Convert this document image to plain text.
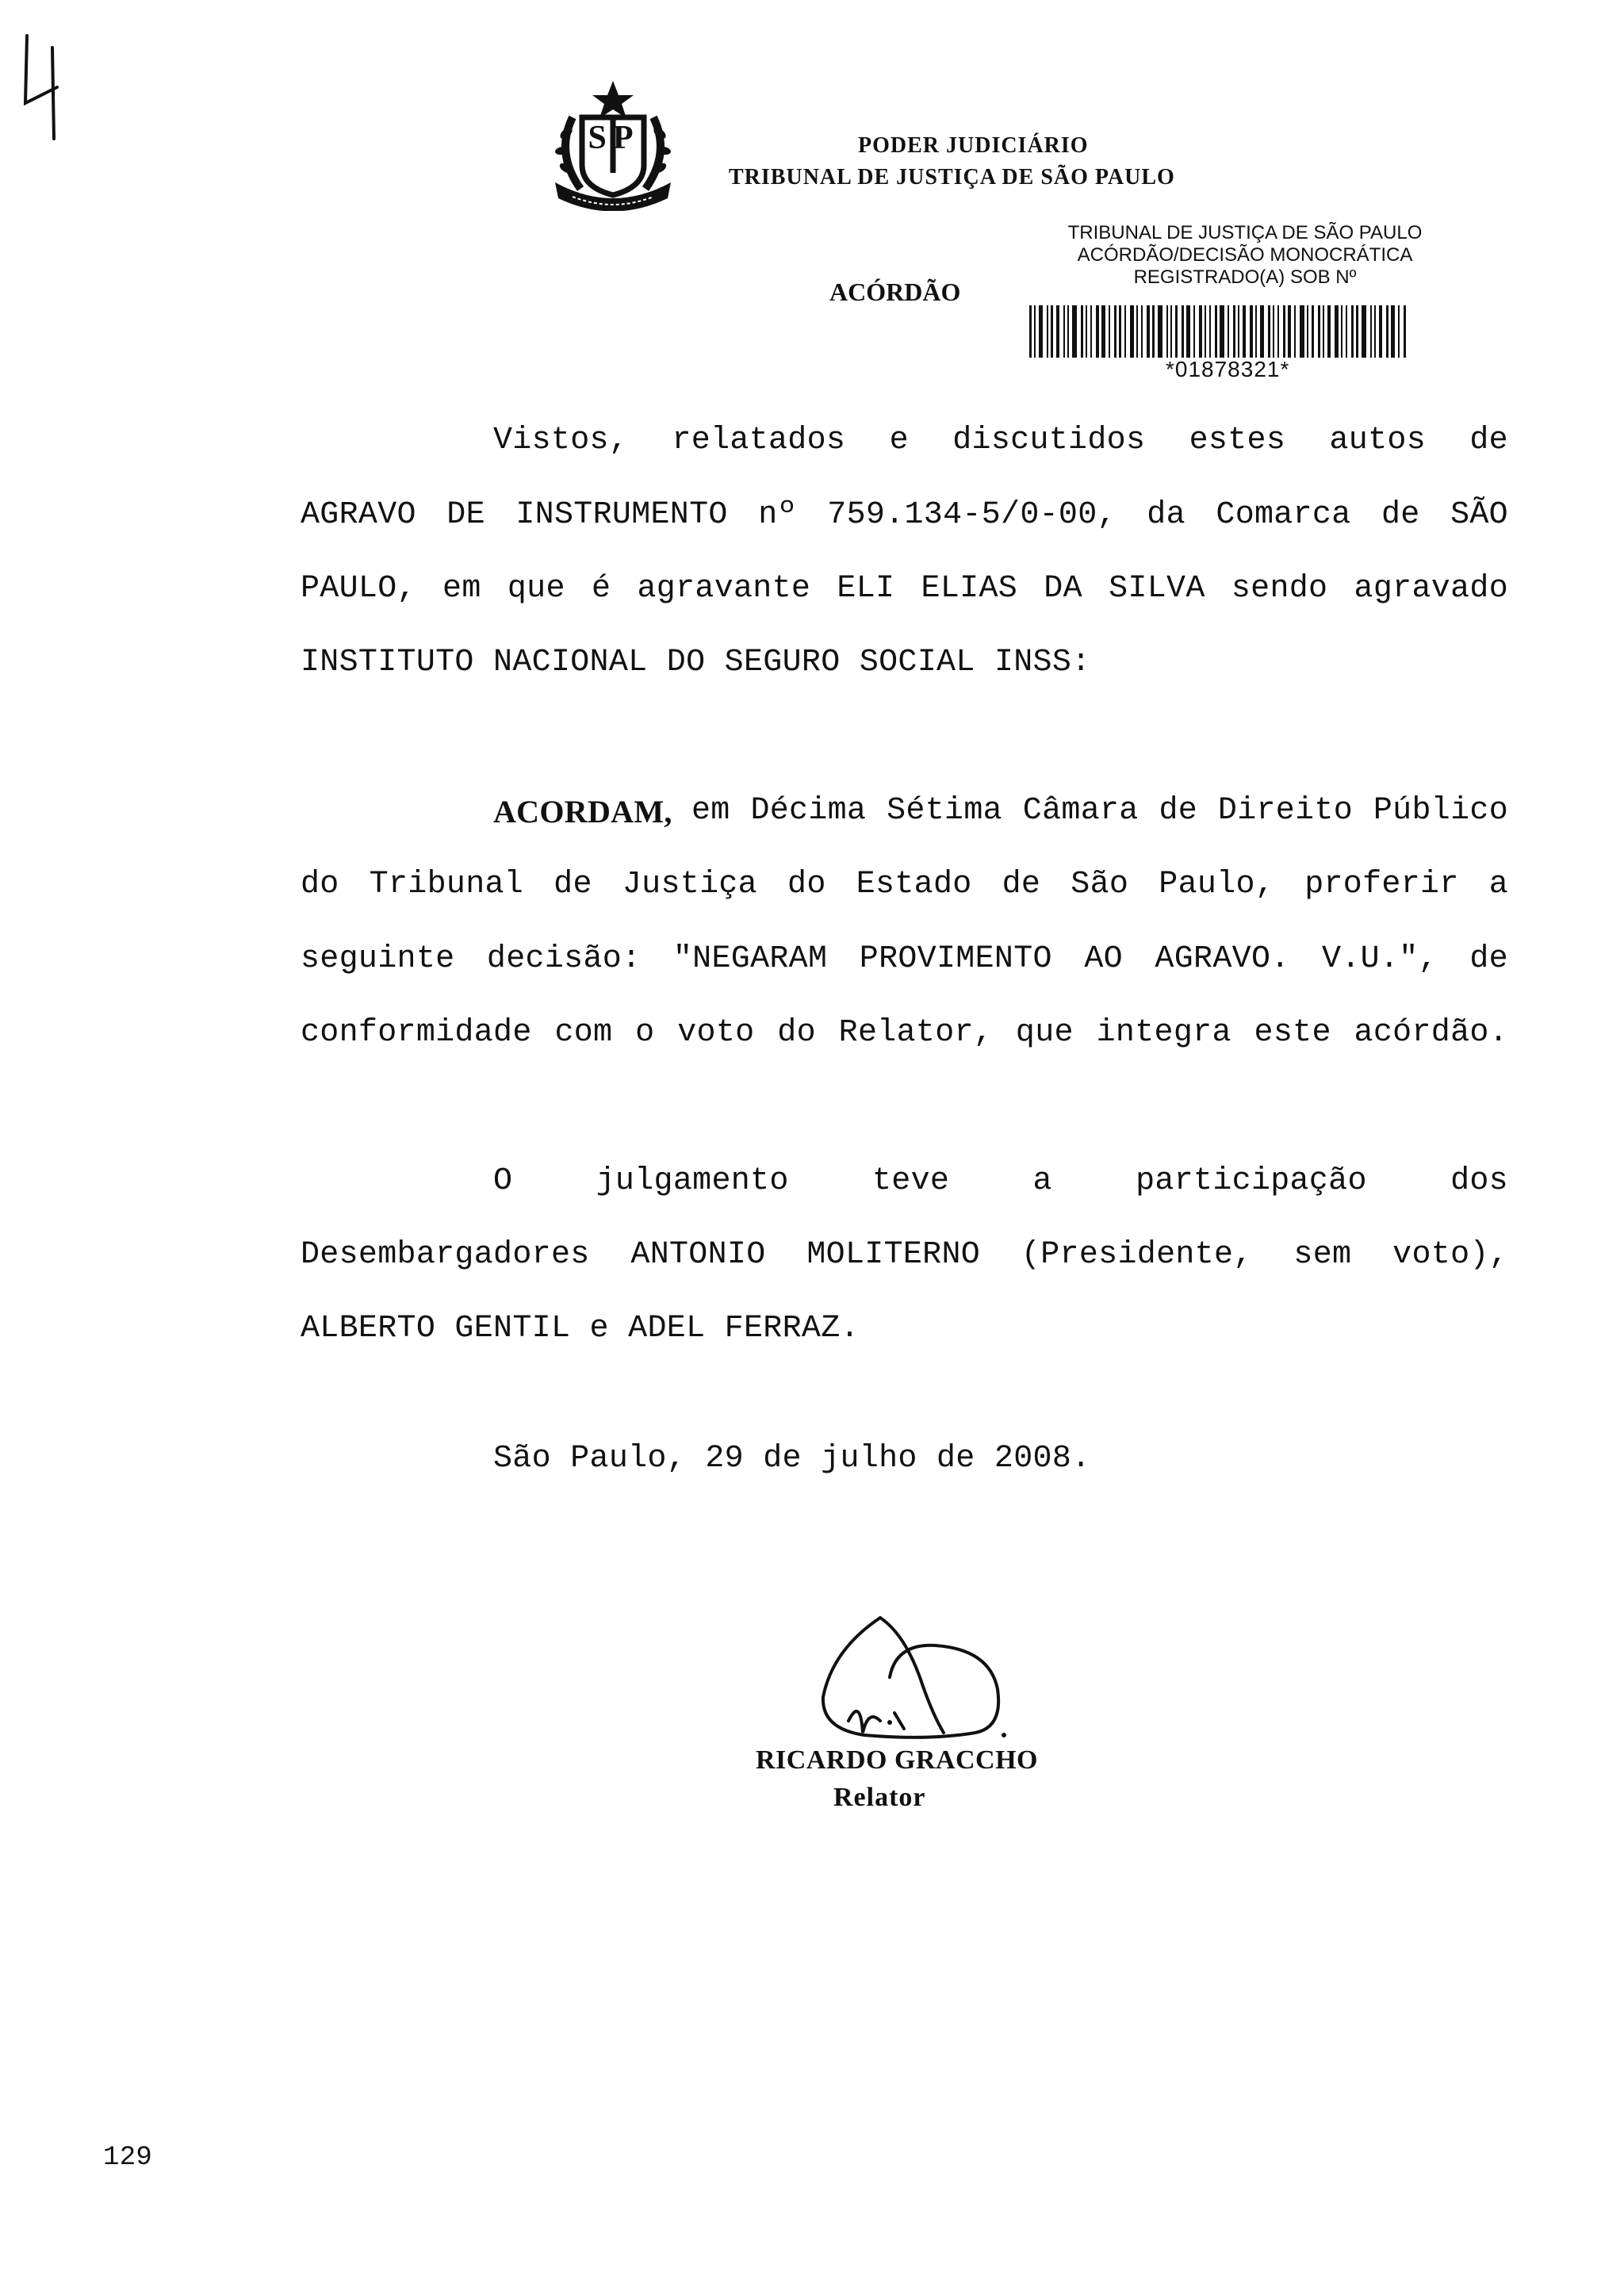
SP	PODER JUDICIÁRIO
TRIBUNAL DE JUSTIÇA DE SÃO PAULO
ACÓRDÃO
TRIBUNAL DE JUSTIÇA DE SÃO PAULO
ACÓRDÃO/DECISÃO MONOCRÁTICA
REGISTRADO(A) SOB Nº
*01878321*
Vistos, relatados e discutidos estes autos de
AGRAVO DE INSTRUMENTO nº 759.134-5/0-00, da Comarca de SÃO
PAULO, em que é agravante ELI ELIAS DA SILVA sendo agravado
INSTITUTO NACIONAL DO SEGURO SOCIAL INSS:
ACORDAM, em Décima Sétima Câmara de Direito Público
do Tribunal de Justiça do Estado de São Paulo, proferir a
seguinte decisão: "NEGARAM PROVIMENTO AO AGRAVO. V.U.", de
conformidade com o voto do Relator, que integra este acórdão.
O julgamento teve a participação dos
Desembargadores ANTONIO MOLITERNO (Presidente, sem voto),
ALBERTO GENTIL e ADEL FERRAZ.
São Paulo, 29 de julho de 2008.
RICARDO GRACCHO
Relator
129
